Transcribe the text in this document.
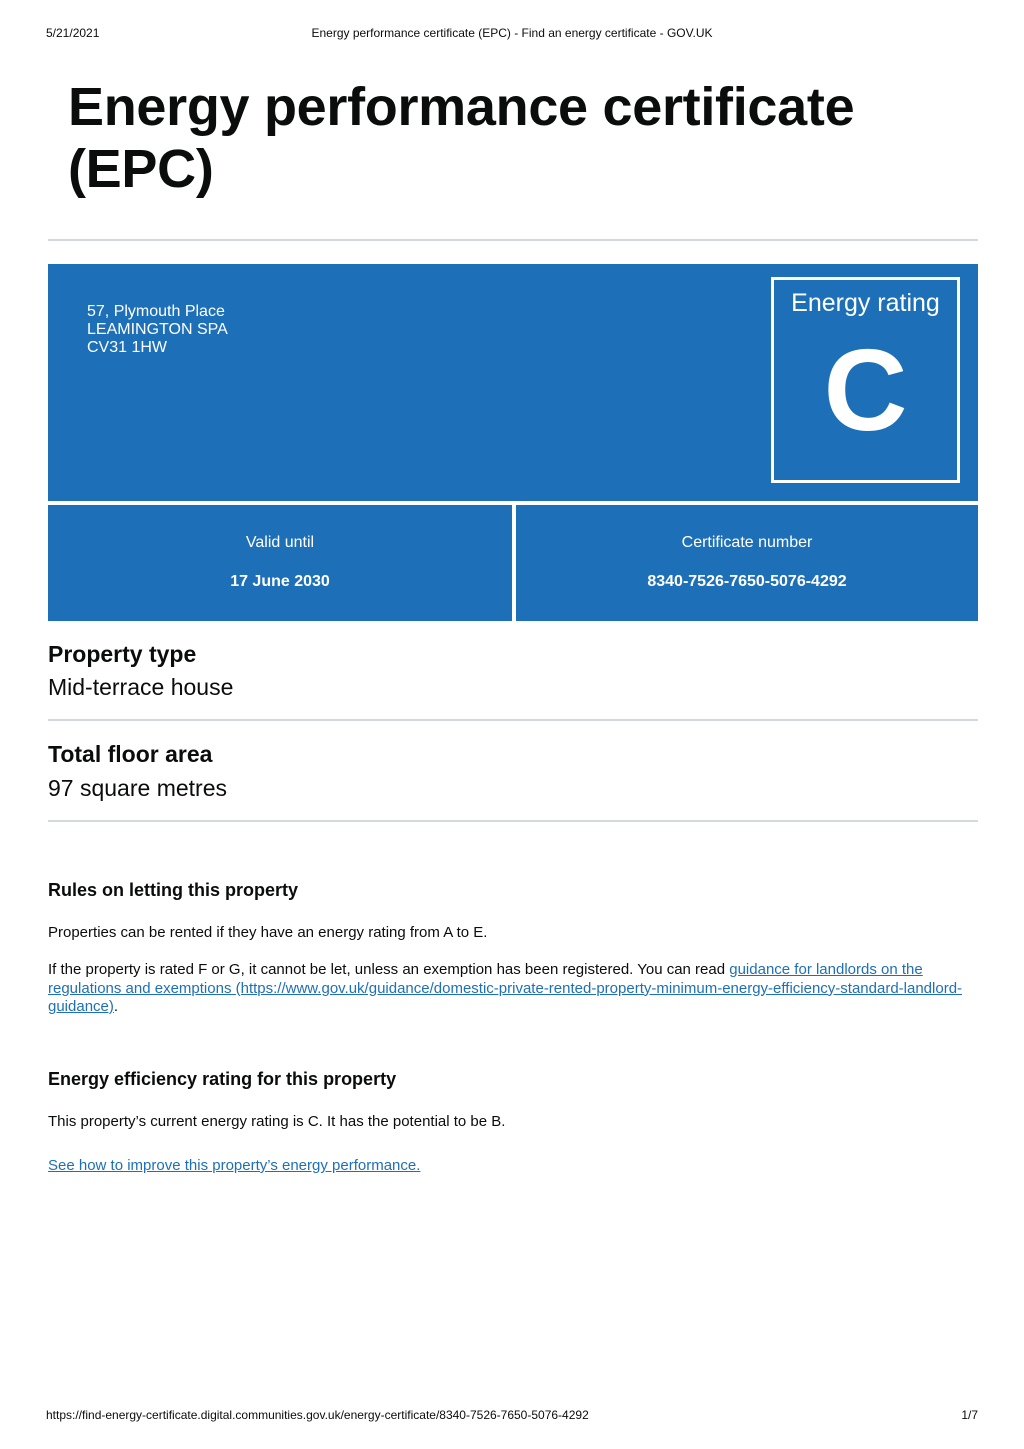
5/21/2021	Energy performance certificate (EPC) - Find an energy certificate - GOV.UK
Energy performance certificate (EPC)
57, Plymouth Place
LEAMINGTON SPA
CV31 1HW
Energy rating
C
Valid until
17 June 2030
Certificate number
8340-7526-7650-5076-4292
Property type
Mid-terrace house
Total floor area
97 square metres
Rules on letting this property

Properties can be rented if they have an energy rating from A to E.

If the property is rated F or G, it cannot be let, unless an exemption has been registered. You can read guidance for landlords on the regulations and exemptions (https://www.gov.uk/guidance/domestic-private-rented-property-minimum-energy-efficiency-standard-landlord-guidance).

Energy efficiency rating for this property

This property’s current energy rating is C. It has the potential to be B.

See how to improve this property’s energy performance.

https://find-energy-certificate.digital.communities.gov.uk/energy-certificate/8340-7526-7650-5076-4292	1/7
